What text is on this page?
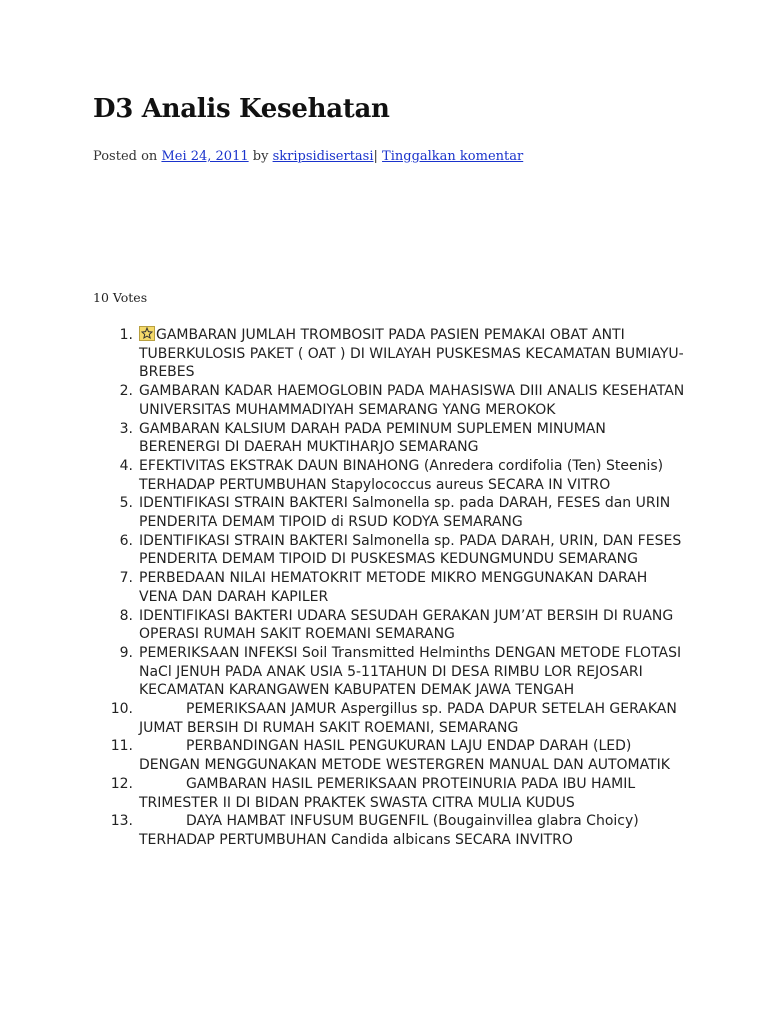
D3 Analis Kesehatan
Posted on Mei 24, 2011 by skripsidisertasi| Tinggalkan komentar
10 Votes
1.	GAMBARAN JUMLAH TROMBOSIT PADA PASIEN PEMAKAI OBAT ANTI TUBERKULOSIS PAKET ( OAT ) DI WILAYAH PUSKESMAS KECAMATAN BUMIAYU-BREBES
2. GAMBARAN KADAR HAEMOGLOBIN PADA MAHASISWA DIII ANALIS KESEHATAN UNIVERSITAS MUHAMMADIYAH SEMARANG YANG MEROKOK
3. GAMBARAN KALSIUM DARAH PADA PEMINUM SUPLEMEN MINUMAN BERENERGI DI DAERAH MUKTIHARJO SEMARANG
4. EFEKTIVITAS EKSTRAK DAUN BINAHONG (Anredera cordifolia (Ten) Steenis) TERHADAP PERTUMBUHAN Stapylococcus aureus SECARA IN VITRO
5. IDENTIFIKASI STRAIN BAKTERI Salmonella sp. pada DARAH, FESES dan URIN PENDERITA DEMAM TIPOID di RSUD KODYA SEMARANG
6. IDENTIFIKASI STRAIN BAKTERI Salmonella sp. PADA DARAH, URIN, DAN FESES PENDERITA DEMAM TIPOID DI PUSKESMAS KEDUNGMUNDU SEMARANG
7. PERBEDAAN NILAI HEMATOKRIT METODE MIKRO MENGGUNAKAN DARAH VENA DAN DARAH KAPILER
8. IDENTIFIKASI BAKTERI UDARA SESUDAH GERAKAN JUM’AT BERSIH DI RUANG OPERASI RUMAH SAKIT ROEMANI SEMARANG
9. PEMERIKSAAN INFEKSI Soil Transmitted Helminths DENGAN METODE FLOTASI NaCl JENUH PADA ANAK USIA 5-11TAHUN DI DESA RIMBU LOR REJOSARI KECAMATAN KARANGAWEN KABUPATEN DEMAK JAWA TENGAH
10.	PEMERIKSAAN JAMUR Aspergillus sp. PADA DAPUR SETELAH GERAKAN JUMAT BERSIH DI RUMAH SAKIT ROEMANI, SEMARANG
11.	PERBANDINGAN HASIL PENGUKURAN LAJU ENDAP DARAH (LED) DENGAN MENGGUNAKAN METODE WESTERGREN MANUAL DAN AUTOMATIK
12.	GAMBARAN HASIL PEMERIKSAAN PROTEINURIA PADA IBU HAMIL TRIMESTER II DI BIDAN PRAKTEK SWASTA CITRA MULIA KUDUS
13.	DAYA HAMBAT INFUSUM BUGENFIL (Bougainvillea glabra Choicy) TERHADAP PERTUMBUHAN Candida albicans SECARA INVITRO
